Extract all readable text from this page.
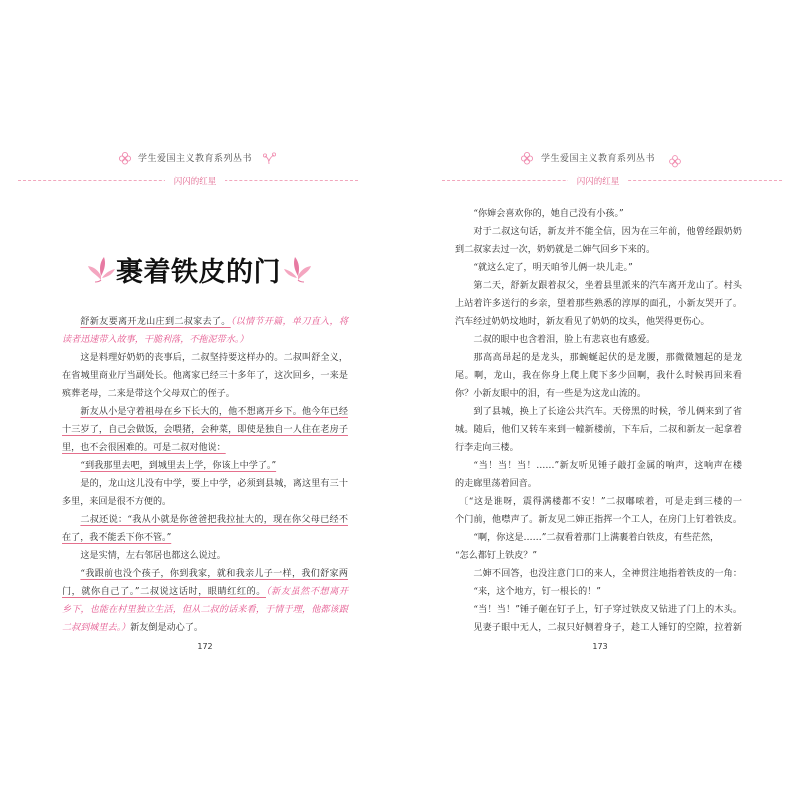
学生爱国主义教育系列丛书
闪闪的红星
裹着铁皮的门
舒新友要离开龙山庄到二叔家去了。（以情节开篇，单刀直入，将
读者迅速带入故事，干脆利落，不拖泥带水。）
这是料理好奶奶的丧事后，二叔坚持要这样办的。二叔叫舒全义，
在省城里商业厅当副处长。他离家已经三十多年了，这次回乡，一来是
殡葬老母，二来是带这个父母双亡的侄子。
新友从小是守着祖母在乡下长大的，他不想离开乡下。他今年已经
十三岁了，自己会做饭，会喂猪，会种菜，即使是独自一人住在老房子
里，也不会很困难的。可是二叔对他说：
“到我那里去吧，到城里去上学，你该上中学了。”
是的，龙山这儿没有中学，要上中学，必须到县城，离这里有三十
多里，来回是很不方便的。
二叔还说：“我从小就是你爸爸把我拉扯大的，现在你父母已经不
在了，我不能丢下你不管。”
这是实情，左右邻居也都这么说过。
“我跟前也没个孩子，你到我家，就和我亲儿子一样，我们舒家两
门，就你自己了。”二叔说这话时，眼睛红红的。（新友虽然不想离开
乡下，也能在村里独立生活，但从二叔的话来看，于情于理，他都该跟
二叔到城里去。）新友倒是动心了。
172
学生爱国主义教育系列丛书
闪闪的红星
“你婶会喜欢你的，她自己没有小孩。”
对于二叔这句话，新友并不能全信，因为在三年前，他曾经跟奶奶
到二叔家去过一次，奶奶就是二婶气回乡下来的。
“就这么定了，明天咱爷儿俩一块儿走。”
第二天，舒新友跟着叔父，坐着县里派来的汽车离开龙山了。村头
上站着许多送行的乡亲，望着那些熟悉的淳厚的面孔，小新友哭开了。
汽车经过奶奶坟地时，新友看见了奶奶的坟头，他哭得更伤心。
二叔的眼中也含着泪，脸上有悲哀也有感爱。
那高高昂起的是龙头，那蜿蜒起伏的是龙腰，那微微翘起的是龙
尾。啊，龙山，我在你身上爬上爬下多少回啊，我什么时候再回来看
你？小新友眼中的泪，有一些是为这龙山流的。
到了县城，换上了长途公共汽车。天傍黑的时候，爷儿俩来到了省
城。随后，他们又转车来到一幢新楼前，下车后，二叔和新友一起拿着
行李走向三楼。
“当！当！当！……”新友听见锤子敲打金属的响声，这响声在楼
的走廊里荡着回音。
〔“这是谁呀，震得满楼都不安！”二叔嘟哝着，可是走到三楼的一
个门前，他噤声了。新友见二婶正指挥一个工人，在房门上钉着铁皮。
“啊，你这是……”二叔看着那门上满裹着白铁皮，有些茫然，
“怎么都钉上铁皮？”
二婶不回答，也没注意门口的来人，全神贯注地指着铁皮的一角：
“来，这个地方，钉一根长的！”
“当！当！”锤子砸在钉子上，钉子穿过铁皮又钻进了门上的木头。
见妻子眼中无人，二叔只好侧着身子，趁工人锤钉的空隙，拉着新
173
